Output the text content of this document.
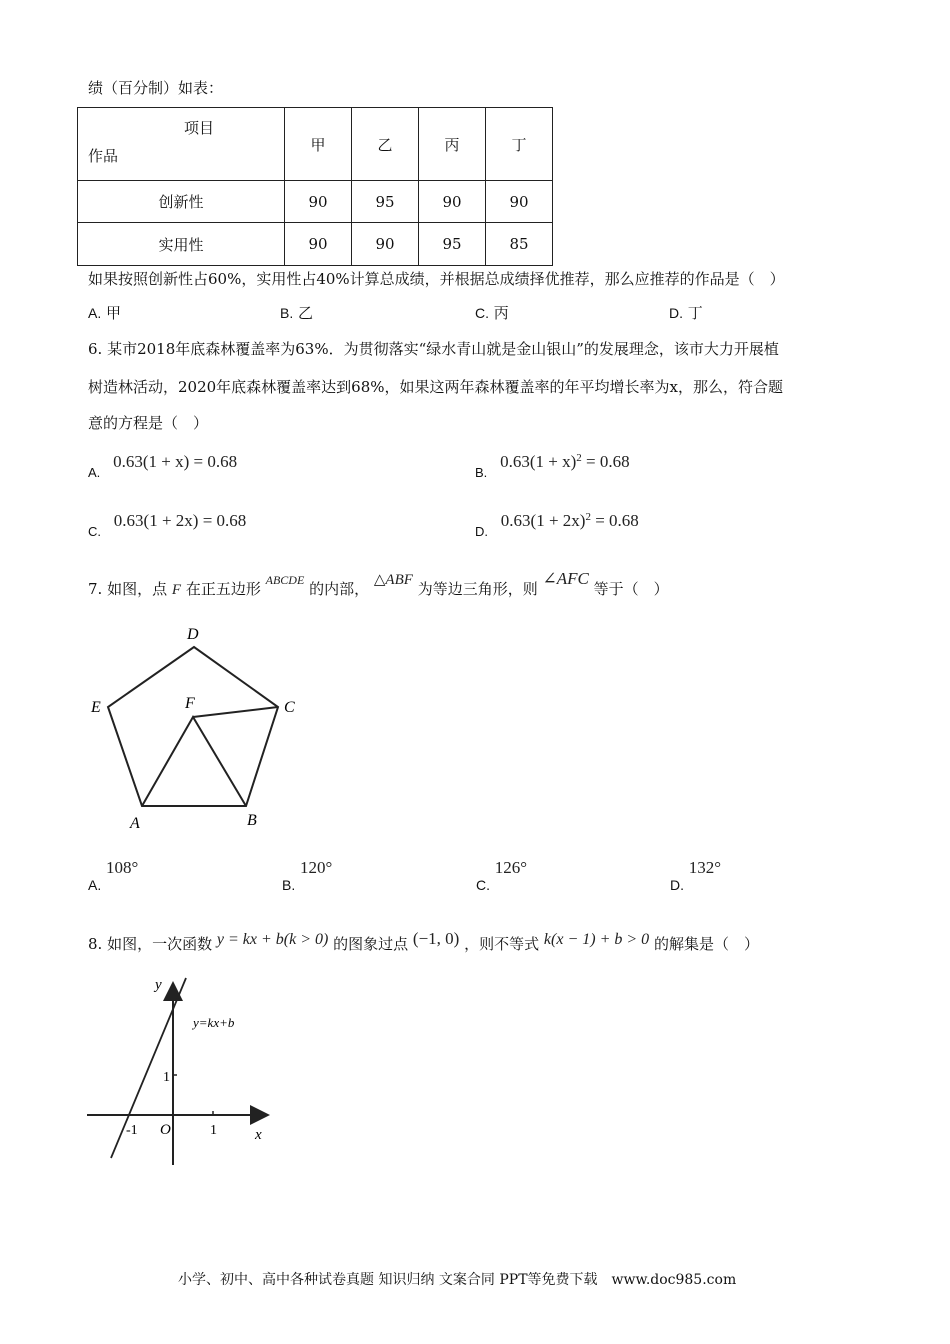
绩（百分制）如表：
项目
作品	甲	乙	丙	丁
创新性	90	95	90	90
实用性	90	90	95	85
如果按照创新性占60%，实用性占40%计算总成绩，并根据总成绩择优推荐，那么应推荐的作品是（　）
A. 甲	B. 乙	C. 丙	D. 丁
6. 某市2018年底森林覆盖率为63%．为贯彻落实“绿水青山就是金山银山”的发展理念，该市大力开展植
树造林活动，2020年底森林覆盖率达到68%，如果这两年森林覆盖率的年平均增长率为x，那么，符合题
意的方程是（　）
A. 0.63(1 + x) = 0.68
B. $0.63(1 + x)^2 = 0.68$
C. 0.63(1 + 2x) = 0.68
D. $0.63(1 + 2x)^2 = 0.68$
7. 如图，点 F 在正五边形 $^{ABCDE}$ 的内部， △ABF 为等边三角形，则 ∠AFC 等于（　）
D
E	F	C
A	B
A. 108°
B. 120°
C. 126°
D. 132°
8. 如图，一次函数 y = kx + b(k > 0) 的图象过点 (−1, 0) ，则不等式 k(x − 1) + b > 0 的解集是（　）
y
x
y=kx+b
O
-1	1
1
小学、初中、高中各种试卷真题 知识归纳 文案合同 PPT等免费下载　www.doc985.com
